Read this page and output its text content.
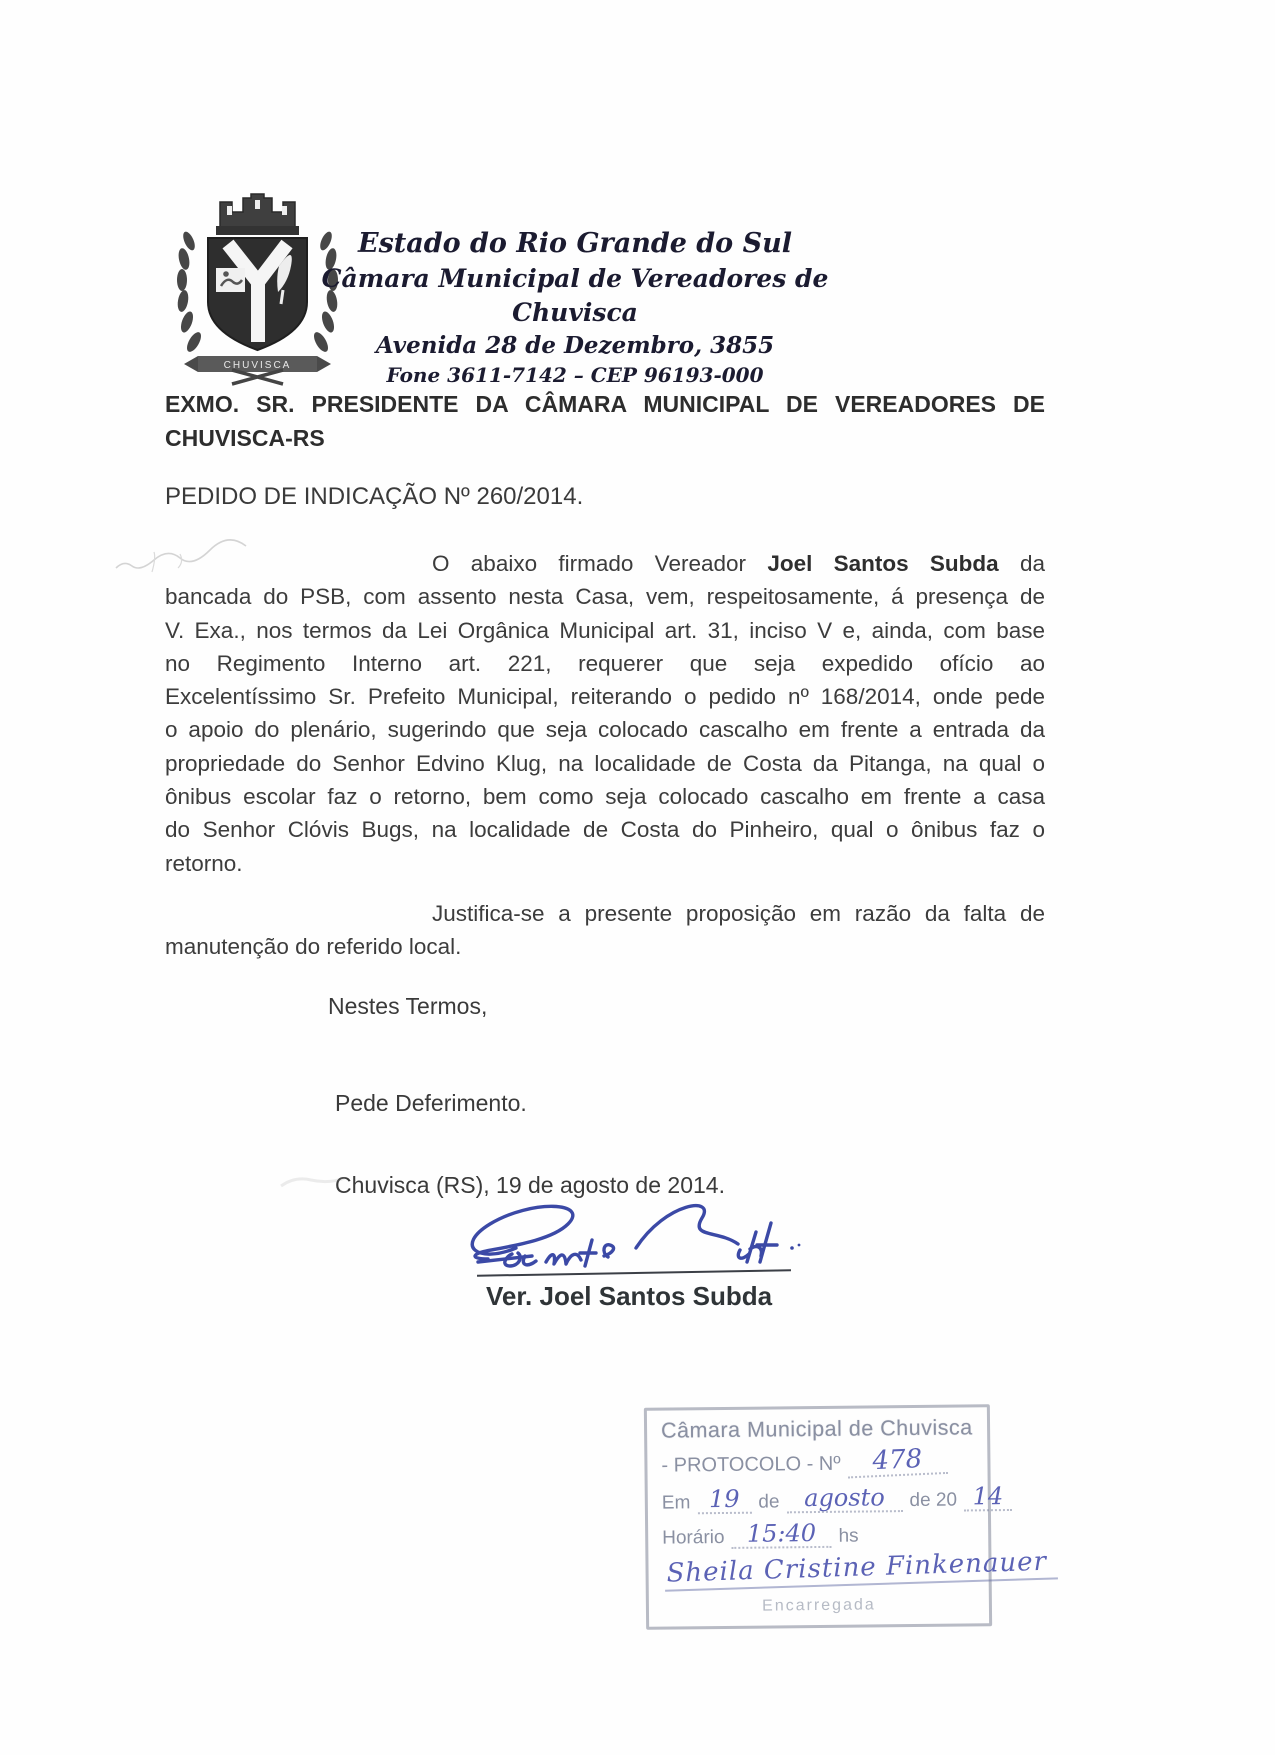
CHUVISCA
Estado do Rio Grande do Sul
Câmara Municipal de Vereadores de Chuvisca
Avenida 28 de Dezembro, 3855
Fone 3611-7142 – CEP 96193-000
EXMO. SR. PRESIDENTE DA CÂMARA MUNICIPAL DE VEREADORES DE
CHUVISCA-RS
PEDIDO DE INDICAÇÃO Nº 260/2014.
O abaixo firmado Vereador Joel Santos Subda da
bancada do PSB, com assento nesta Casa, vem, respeitosamente, á presença de
V. Exa., nos termos da Lei Orgânica Municipal art. 31, inciso V e, ainda, com base
no Regimento Interno art. 221, requerer que seja expedido ofício ao
Excelentíssimo Sr. Prefeito Municipal, reiterando o pedido nº 168/2014, onde pede
o apoio do plenário, sugerindo que seja colocado cascalho em frente a entrada da
propriedade do Senhor Edvino Klug, na localidade de Costa da Pitanga, na qual o
ônibus escolar faz o retorno, bem como seja colocado cascalho em frente a casa
do Senhor Clóvis Bugs, na localidade de Costa do Pinheiro, qual o ônibus faz o
retorno.
Justifica-se a presente proposição em razão da falta de
manutenção do referido local.
Nestes Termos,
Pede Deferimento.
Chuvisca (RS), 19 de agosto de 2014.
Ver. Joel Santos Subda
Câmara Municipal de Chuvisca
- PROTOCOLO - Nº	478
Em 19 de	agosto	de 20 14
Horário 15:40	hs
Sheila Cristine Finkenauer
Encarregada
